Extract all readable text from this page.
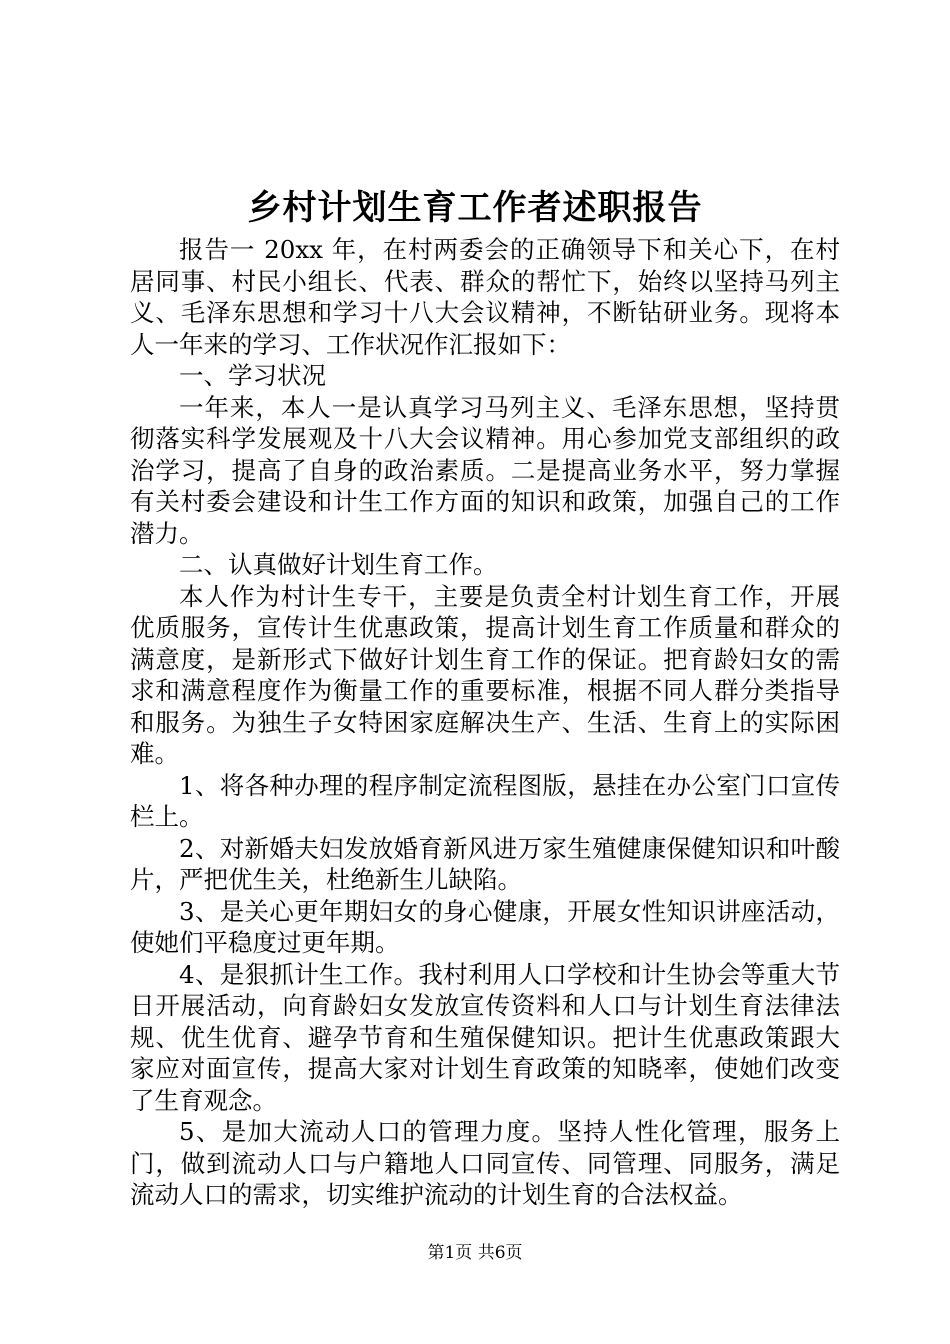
乡村计划生育工作者述职报告

报告一 20xx 年，在村两委会的正确领导下和关心下，在村居同事、村民小组长、代表、群众的帮忙下，始终以坚持马列主义、毛泽东思想和学习十八大会议精神，不断钻研业务。现将本人一年来的学习、工作状况作汇报如下：

一、学习状况

一年来，本人一是认真学习马列主义、毛泽东思想，坚持贯彻落实科学发展观及十八大会议精神。用心参加党支部组织的政治学习，提高了自身的政治素质。二是提高业务水平，努力掌握有关村委会建设和计生工作方面的知识和政策，加强自己的工作潜力。

二、认真做好计划生育工作。

本人作为村计生专干，主要是负责全村计划生育工作，开展优质服务，宣传计生优惠政策，提高计划生育工作质量和群众的满意度，是新形式下做好计划生育工作的保证。把育龄妇女的需求和满意程度作为衡量工作的重要标准，根据不同人群分类指导和服务。为独生子女特困家庭解决生产、生活、生育上的实际困难。

1、将各种办理的程序制定流程图版，悬挂在办公室门口宣传栏上。

2、对新婚夫妇发放婚育新风进万家生殖健康保健知识和叶酸片，严把优生关，杜绝新生儿缺陷。

3、是关心更年期妇女的身心健康，开展女性知识讲座活动，使她们平稳度过更年期。

4、是狠抓计生工作。我村利用人口学校和计生协会等重大节日开展活动，向育龄妇女发放宣传资料和人口与计划生育法律法规、优生优育、避孕节育和生殖保健知识。把计生优惠政策跟大家应对面宣传，提高大家对计划生育政策的知晓率，使她们改变了生育观念。

5、是加大流动人口的管理力度。坚持人性化管理，服务上门，做到流动人口与户籍地人口同宣传、同管理、同服务，满足流动人口的需求，切实维护流动的计划生育的合法权益。

第1页 共6页
